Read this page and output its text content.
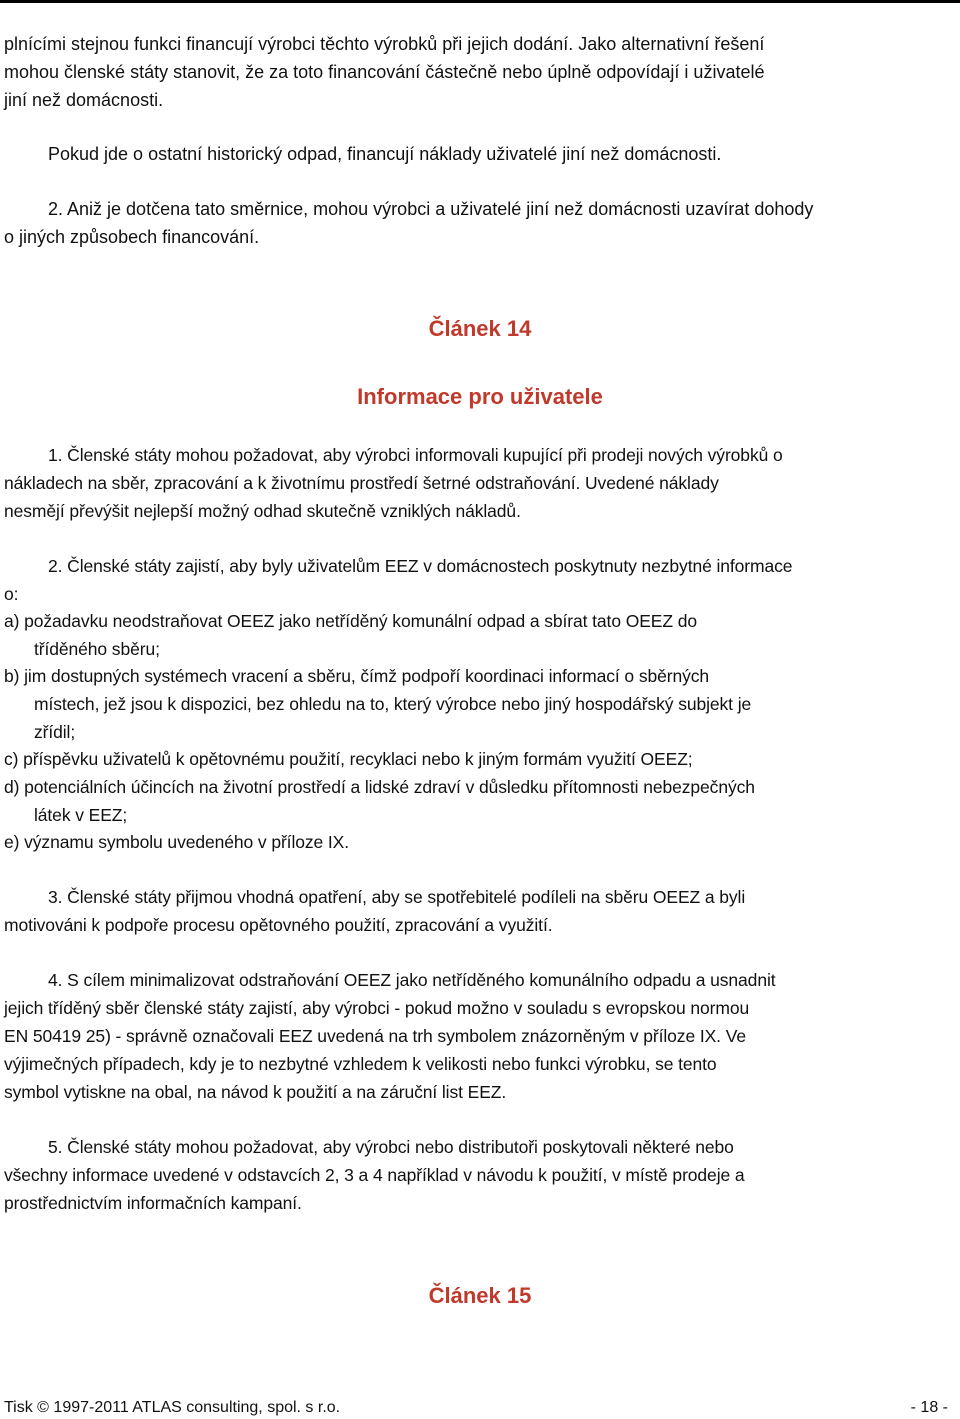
plnícími stejnou funkci financují výrobci těchto výrobků při jejich dodání. Jako alternativní řešení
mohou členské státy stanovit, že za toto financování částečně nebo úplně odpovídají i uživatelé
jiní než domácnosti.
Pokud jde o ostatní historický odpad, financují náklady uživatelé jiní než domácnosti.
2. Aniž je dotčena tato směrnice, mohou výrobci a uživatelé jiní než domácnosti uzavírat dohody
o jiných způsobech financování.
Článek 14
Informace pro uživatele
1. Členské státy mohou požadovat, aby výrobci informovali kupující při prodeji nových výrobků o
nákladech na sběr, zpracování a k životnímu prostředí šetrné odstraňování. Uvedené náklady
nesmějí převýšit nejlepší možný odhad skutečně vzniklých nákladů.
2. Členské státy zajistí, aby byly uživatelům EEZ v domácnostech poskytnuty nezbytné informace
o:
a) požadavku neodstraňovat OEEZ jako netříděný komunální odpad a sbírat tato OEEZ do
tříděného sběru;
b) jim dostupných systémech vracení a sběru, čímž podpoří koordinaci informací o sběrných
místech, jež jsou k dispozici, bez ohledu na to, který výrobce nebo jiný hospodářský subjekt je
zřídil;
c) příspěvku uživatelů k opětovnému použití, recyklaci nebo k jiným formám využití OEEZ;
d) potenciálních účincích na životní prostředí a lidské zdraví v důsledku přítomnosti nebezpečných
látek v EEZ;
e) významu symbolu uvedeného v příloze IX.
3. Členské státy přijmou vhodná opatření, aby se spotřebitelé podíleli na sběru OEEZ a byli
motivováni k podpoře procesu opětovného použití, zpracování a využití.
4. S cílem minimalizovat odstraňování OEEZ jako netříděného komunálního odpadu a usnadnit
jejich tříděný sběr členské státy zajistí, aby výrobci - pokud možno v souladu s evropskou normou
EN 50419 25) - správně označovali EEZ uvedená na trh symbolem znázorněným v příloze IX. Ve
výjimečných případech, kdy je to nezbytné vzhledem k velikosti nebo funkci výrobku, se tento
symbol vytiskne na obal, na návod k použití a na záruční list EEZ.
5. Členské státy mohou požadovat, aby výrobci nebo distributoři poskytovali některé nebo
všechny informace uvedené v odstavcích 2, 3 a 4 například v návodu k použití, v místě prodeje a
prostřednictvím informačních kampaní.
Článek 15
Tisk © 1997-2011 ATLAS consulting, spol. s r.o.	- 18 -
